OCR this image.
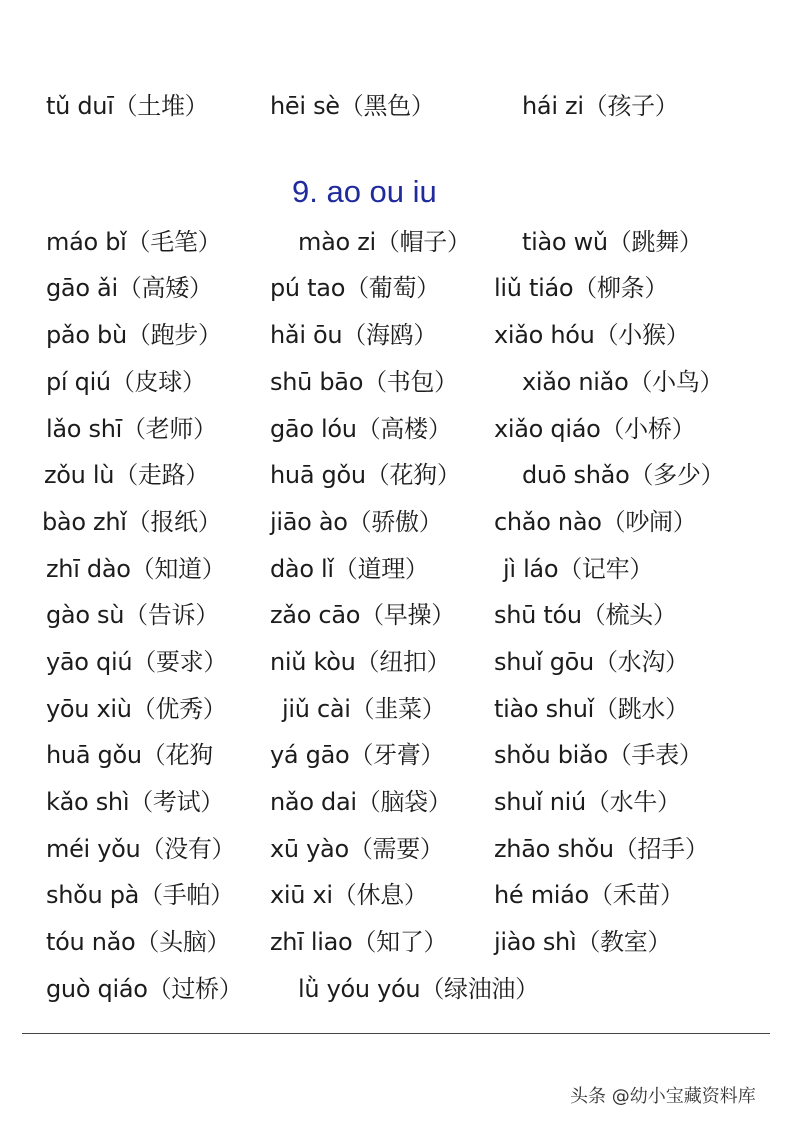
tǔ duī（土堆）	hēi sè（黑色）	hái zi（孩子）
9. ao ou iu
máo bǐ（毛笔）	mào zi（帽子） tiào wǔ（跳舞）
gāo ǎi（高矮） pú tao（葡萄） liǔ tiáo（柳条）
pǎo bù（跑步） hǎi ōu（海鸥） xiǎo hóu（小猴）
pí qiú（皮球）	shū bāo（书包）	xiǎo niǎo（小鸟）
lǎo shī（老师） gāo lóu（高楼） xiǎo qiáo（小桥）
zǒu lù（走路）	huā gǒu（花狗）	duō shǎo（多少）
bào zhǐ（报纸） jiāo ào（骄傲） chǎo nào（吵闹）
zhī dào（知道） dào lǐ（道理）	jì láo（记牢）
gào sù（告诉） zǎo cāo（早操） shū tóu（梳头）
yāo qiú（要求） niǔ kòu（纽扣） shuǐ gōu（水沟）
yōu xiù（优秀） jiǔ cài（韭菜） tiào shuǐ（跳水）
huā gǒu（花狗 yá gāo（牙膏） shǒu biǎo（手表）
kǎo shì（考试） nǎo dai（脑袋） shuǐ niú（水牛）
méi yǒu（没有） xū yào（需要） zhāo shǒu（招手）
shǒu pà（手帕） xiū xi（休息）	hé miáo（禾苗）
tóu nǎo（头脑） zhī liao（知了） jiào shì（教室）
guò qiáo（过桥） lǜ yóu yóu（绿油油）
头条 @幼小宝藏资料库
